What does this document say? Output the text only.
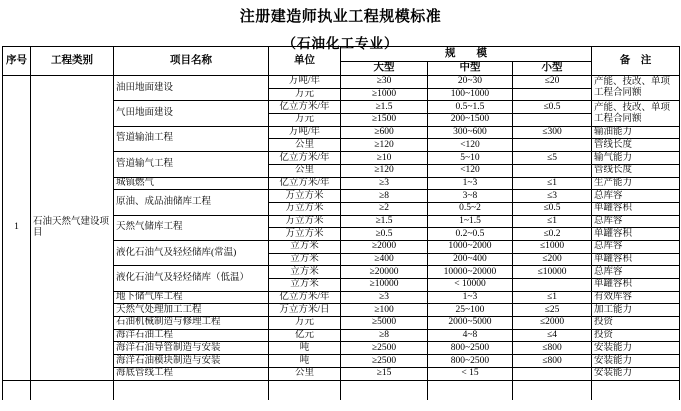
注册建造师执业工程规模标准
（石油化工专业）
序号	工程类别	项目名称	单位	规　　模			备　注
				大型	中型	小型	
1	石油天然气建设项目	油田地面建设	万吨/年	≥30	20~30	≤20	产能、技改、单项工程合同额
			万元	≥1000	100~1000		
		气田地面建设	亿立方米/年	≥1.5	0.5~1.5	≤0.5	产能、技改、单项工程合同额
			万元	≥1500	200~1500		
		管道输油工程	万吨/年	≥600	300~600	≤300	输油能力
			公里	≥120	<120		管线长度
		管道输气工程	亿立方米/年	≥10	5~10	≤5	输气能力
			公里	≥120	<120		管线长度
		城镇燃气	亿立方米/年	≥3	1~3	≤1	生产能力
		原油、成品油储库工程	万立方米	≥8	3~8	≤3	总库容
			万立方米	≥2	0.5~2	≤0.5	单罐容积
		天然气储库工程	万立方米	≥1.5	1~1.5	≤1	总库容
			万立方米	≥0.5	0.2~0.5	≤0.2	单罐容积
		液化石油气及轻烃储库(常温)	立方米	≥2000	1000~2000	≤1000	总库容
			立方米	≥400	200~400	≤200	单罐容积
		液化石油气及轻烃储库（低温）	立方米	≥20000	10000~20000	≤10000	总库容
			立方米	≥10000	< 10000		单罐容积
		地下储气库工程	亿立方米/年	≥3	1~3	≤1	有效库容
		天然气处理加工工程	万立方米/日	≥100	25~100	≤25	加工能力
		石油机械制造与修理工程	万元	≥5000	2000~5000	≤2000	投资
		海洋石油工程	亿元	≥8	4~8	≤4	投资
		海洋石油导管制造与安装	吨	≥2500	800~2500	≤800	安装能力
		海洋石油模块制造与安装	吨	≥2500	800~2500	≤800	安装能力
		海底管线工程	公里	≥15	< 15		安装能力
